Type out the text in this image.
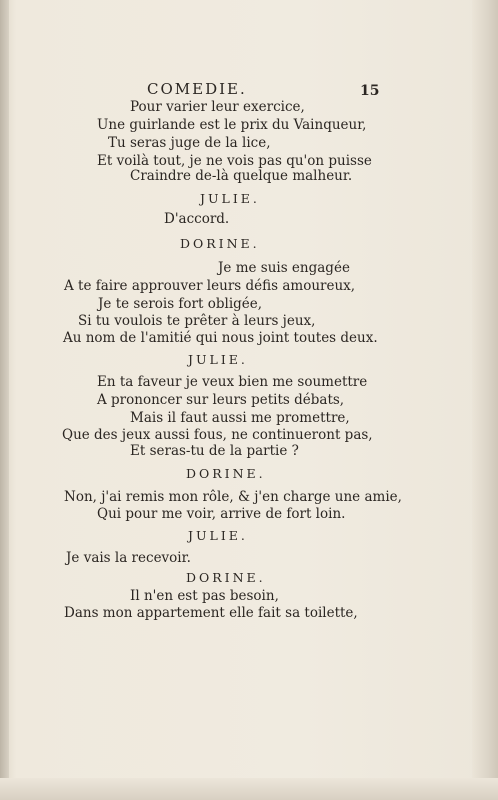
COMEDIE.	15
Pour varier leur exercice,
Une guirlande est le prix du Vainqueur,
Tu seras juge de la lice,
Et voilà tout, je ne vois pas qu'on puisse
Craindre de-là quelque malheur.
JULIE.
D'accord.
DORINE.
Je me suis engagée
A te faire approuver leurs défis amoureux,
Je te serois fort obligée,
Si tu voulois te prêter à leurs jeux,
Au nom de l'amitié qui nous joint toutes deux.
JULIE.
En ta faveur je veux bien me soumettre
A prononcer sur leurs petits débats,
Mais il faut aussi me promettre,
Que des jeux aussi fous, ne continueront pas,
Et seras-tu de la partie ?
DORINE.
Non, j'ai remis mon rôle, & j'en charge une amie,
Qui pour me voir, arrive de fort loin.
JULIE.
Je vais la recevoir.
DORINE.
Il n'en est pas besoin,
Dans mon appartement elle fait sa toilette,
